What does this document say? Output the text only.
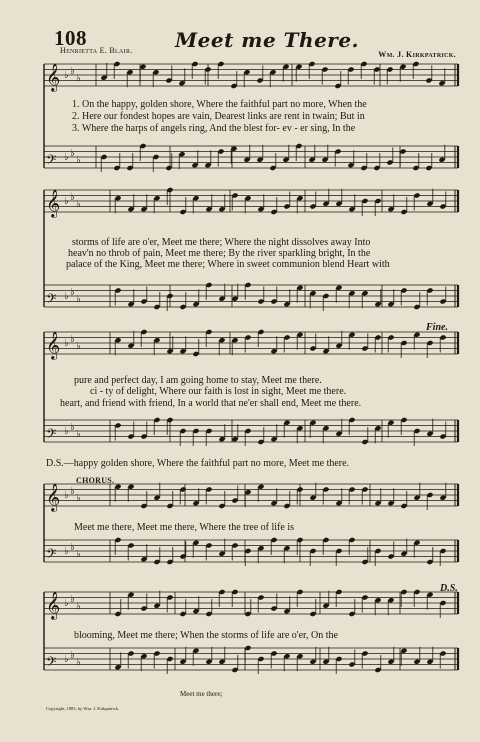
108	Meet me There.
Henrietta E. Blair.	Wm. J. Kirkpatrick.
𝄞 ♭ ♭
♭
𝄢 ♭ ♭
♭
𝄞 ♭ ♭
♭
𝄢 ♭ ♭
♭
𝄞 ♭ ♭
♭
𝄢 ♭ ♭
♭
𝄞 ♭ ♭
♭
𝄢 ♭ ♭
♭
𝄞 ♭ ♭
♭
𝄢 ♭ ♭
♭
1. On the happy, golden shore, Where the faithful part no more, When the
2. Here our fondest hopes are vain, Dearest links are rent in twain; But in
3. Where the harps of angels ring, And the blest for- ev - er sing, In the
storms of life are o'er, Meet me there; Where the night dissolves away Into
heav'n no throb of pain, Meet me there; By the river sparkling bright, In the
palace of the King, Meet me there; Where in sweet communion blend Heart with
Fine.
pure and perfect day, I am going home to stay, Meet me there.
ci - ty of delight, Where our faith is lost in sight, Meet me there.
heart, and friend with friend, In a world that ne'er shall end, Meet me there.
D.S.—happy golden shore, Where the faithful part no more, Meet me there.
CHORUS.
Meet me there, Meet me there, Where the tree of life is
D.S.
blooming, Meet me there; When the storms of life are o'er, On the
Meet me there;
Copyright, 1885, by Wm. J. Kirkpatrick.
